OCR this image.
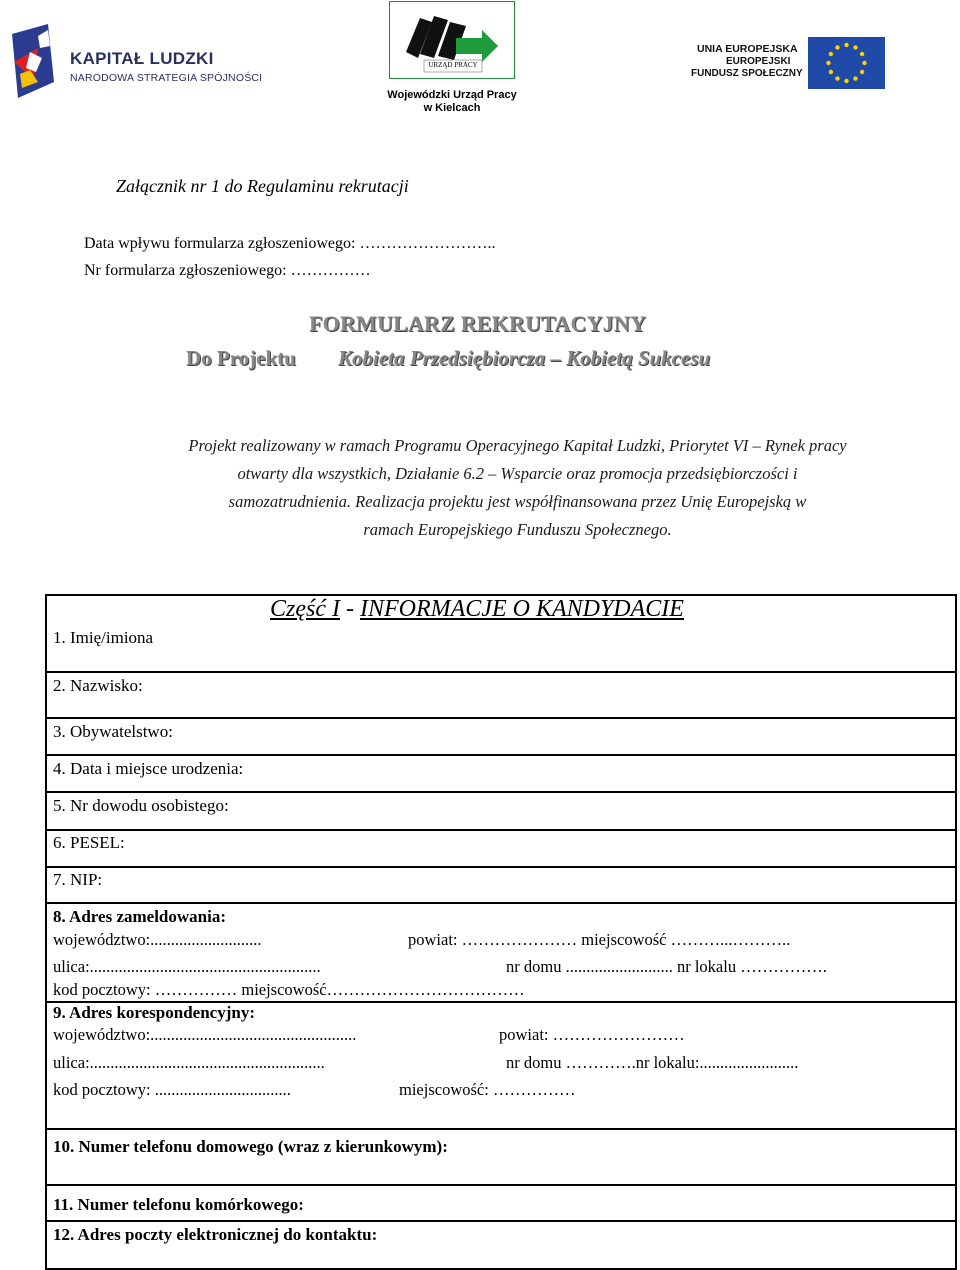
KAPITAŁ LUDZKI
NARODOWA STRATEGIA SPÓJNOŚCI
URZĄD PRACY
Wojewódzki Urząd Pracy
w Kielcach
UNIA EUROPEJSKA
EUROPEJSKI
FUNDUSZ SPOŁECZNY
Załącznik nr 1 do Regulaminu rekrutacji
Data wpływu formularza zgłoszeniowego: ……………………..
Nr formularza zgłoszeniowego: ……………
FORMULARZ REKRUTACYJNY
Do Projektu Kobieta Przedsiębiorcza – Kobietą Sukcesu
Projekt realizowany w ramach Programu Operacyjnego Kapitał Ludzki, Priorytet VI – Rynek pracy
otwarty dla wszystkich, Działanie 6.2 – Wsparcie oraz promocja przedsiębiorczości i
samozatrudnienia. Realizacja projektu jest współfinansowana przez Unię Europejską w
ramach Europejskiego Funduszu Społecznego.
Część I - INFORMACJE O KANDYDACIE
1. Imię/imiona
2. Nazwisko:
3. Obywatelstwo:
4. Data i miejsce urodzenia:
5. Nr dowodu osobistego:
6. PESEL:
7. NIP:
8. Adres zameldowania:
województwo:...........................	powiat: ………………… miejscowość ………...………..
ulica:........................................................	nr domu .......................... nr lokalu …………….
kod pocztowy: …………… miejscowość………………………………
9. Adres korespondencyjny:
województwo:..................................................	powiat: ……………………
ulica:.........................................................	nr domu ………….nr lokalu:........................
kod pocztowy: .................................	miejscowość: ……………
10. Numer telefonu domowego (wraz z kierunkowym):
11. Numer telefonu komórkowego:
12. Adres poczty elektronicznej do kontaktu:
